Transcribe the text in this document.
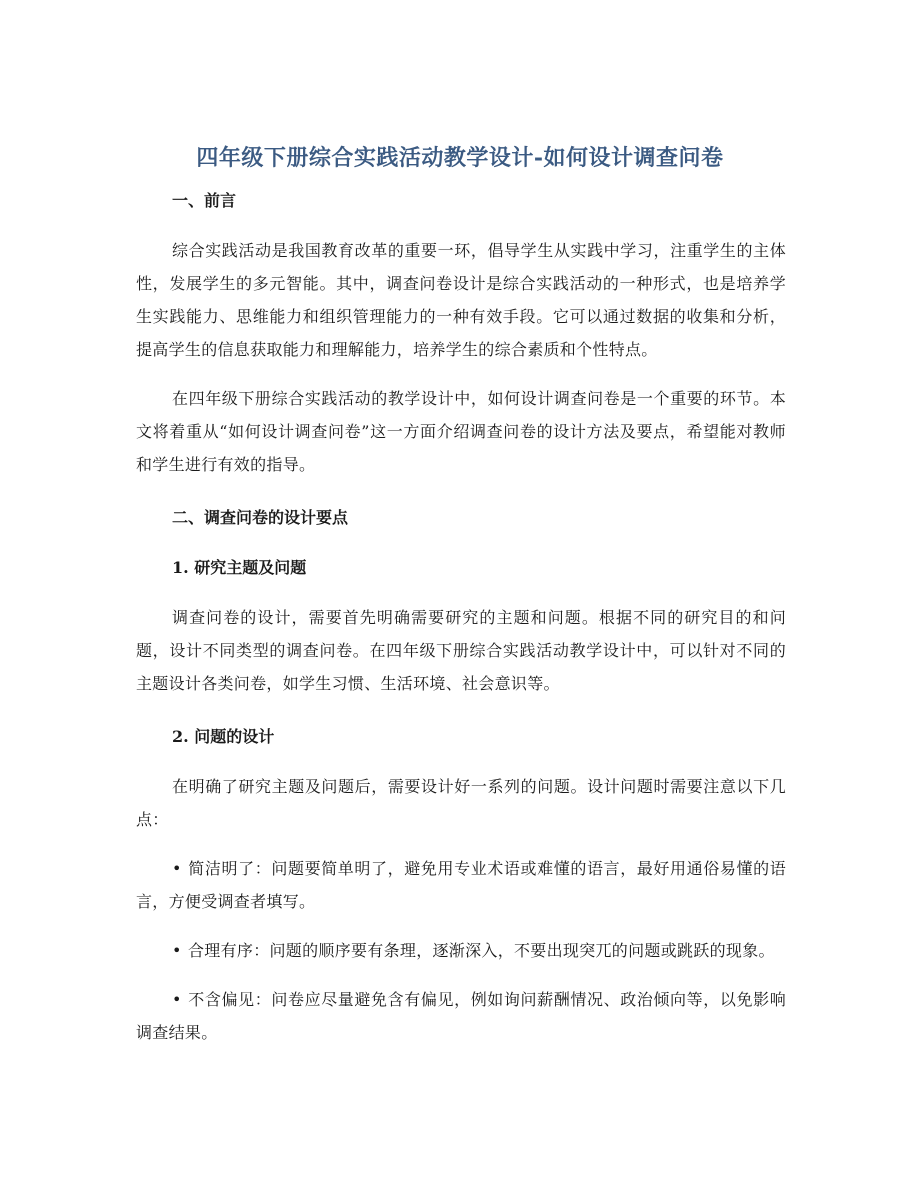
四年级下册综合实践活动教学设计-如何设计调查问卷

一、前言

综合实践活动是我国教育改革的重要一环，倡导学生从实践中学习，注重学生的主体性，发展学生的多元智能。其中，调查问卷设计是综合实践活动的一种形式，也是培养学生实践能力、思维能力和组织管理能力的一种有效手段。它可以通过数据的收集和分析，提高学生的信息获取能力和理解能力，培养学生的综合素质和个性特点。

在四年级下册综合实践活动的教学设计中，如何设计调查问卷是一个重要的环节。本文将着重从“如何设计调查问卷”这一方面介绍调查问卷的设计方法及要点，希望能对教师和学生进行有效的指导。

二、调查问卷的设计要点

1. 研究主题及问题

调查问卷的设计，需要首先明确需要研究的主题和问题。根据不同的研究目的和问题，设计不同类型的调查问卷。在四年级下册综合实践活动教学设计中，可以针对不同的主题设计各类问卷，如学生习惯、生活环境、社会意识等。

2. 问题的设计

在明确了研究主题及问题后，需要设计好一系列的问题。设计问题时需要注意以下几点：

• 简洁明了：问题要简单明了，避免用专业术语或难懂的语言，最好用通俗易懂的语言，方便受调查者填写。

• 合理有序：问题的顺序要有条理，逐渐深入，不要出现突兀的问题或跳跃的现象。

• 不含偏见：问卷应尽量避免含有偏见，例如询问薪酬情况、政治倾向等，以免影响调查结果。
